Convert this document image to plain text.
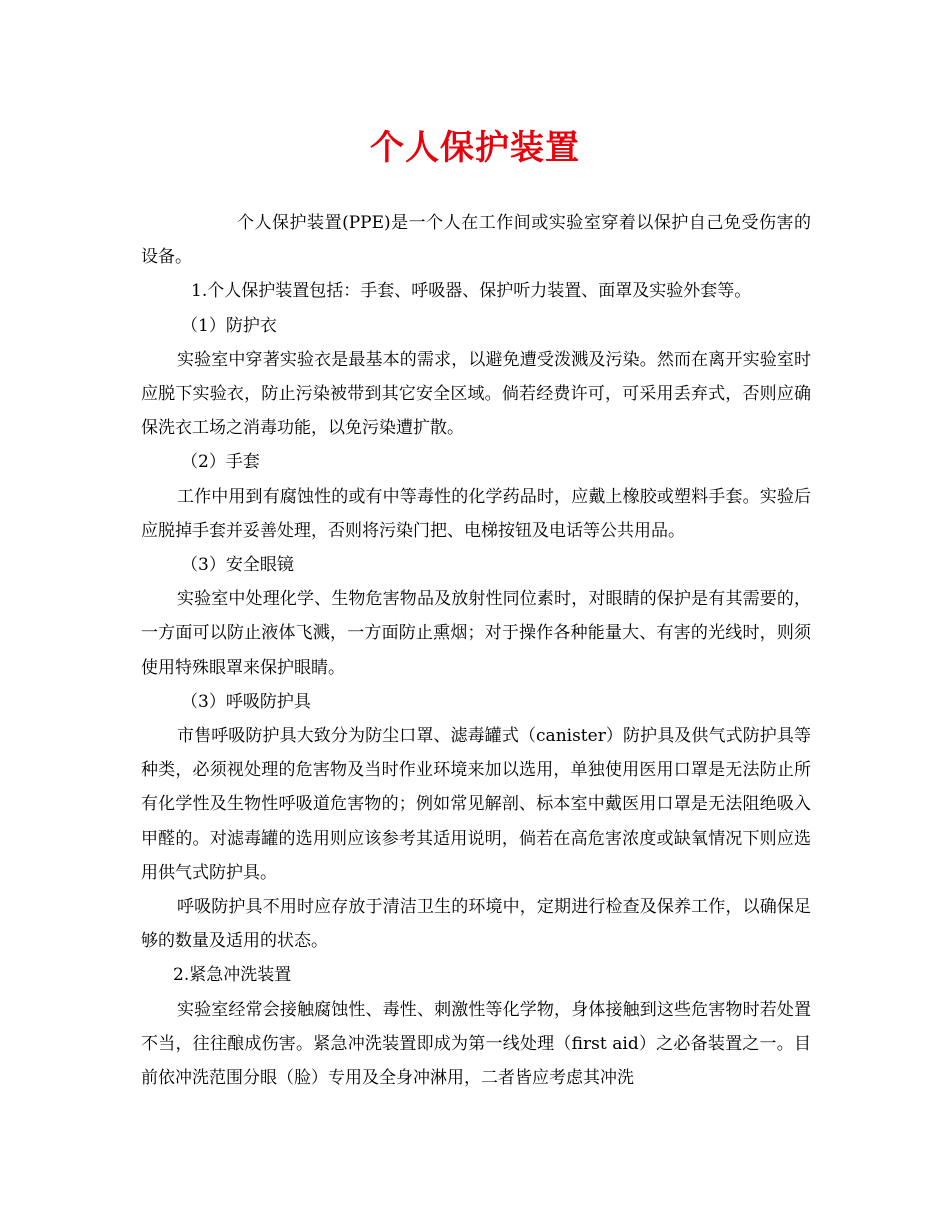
个人保护装置

个人保护装置(PPE)是一个人在工作间或实验室穿着以保护自己免受伤害的设备。

1.个人保护装置包括：手套、呼吸器、保护听力装置、面罩及实验外套等。

（1）防护衣

实验室中穿著实验衣是最基本的需求，以避免遭受泼溅及污染。然而在离开实验室时应脱下实验衣，防止污染被带到其它安全区域。倘若经费许可，可采用丢弃式，否则应确保洗衣工场之消毒功能，以免污染遭扩散。

（2）手套

工作中用到有腐蚀性的或有中等毒性的化学药品时，应戴上橡胶或塑料手套。实验后应脱掉手套并妥善处理，否则将污染门把、电梯按钮及电话等公共用品。

（3）安全眼镜

实验室中处理化学、生物危害物品及放射性同位素时，对眼睛的保护是有其需要的，一方面可以防止液体飞溅，一方面防止熏烟；对于操作各种能量大、有害的光线时，则须使用特殊眼罩来保护眼睛。

（3）呼吸防护具

市售呼吸防护具大致分为防尘口罩、滤毒罐式（canister）防护具及供气式防护具等种类，必须视处理的危害物及当时作业环境来加以选用，单独使用医用口罩是无法防止所有化学性及生物性呼吸道危害物的；例如常见解剖、标本室中戴医用口罩是无法阻绝吸入甲醛的。对滤毒罐的选用则应该参考其适用说明，倘若在高危害浓度或缺氧情况下则应选用供气式防护具。

呼吸防护具不用时应存放于清洁卫生的环境中，定期进行检查及保养工作，以确保足够的数量及适用的状态。

2.紧急冲洗装置

实验室经常会接触腐蚀性、毒性、刺激性等化学物，身体接触到这些危害物时若处置不当，往往酿成伤害。紧急冲洗装置即成为第一线处理（first aid）之必备装置之一。目前依冲洗范围分眼（脸）专用及全身冲淋用，二者皆应考虑其冲洗
